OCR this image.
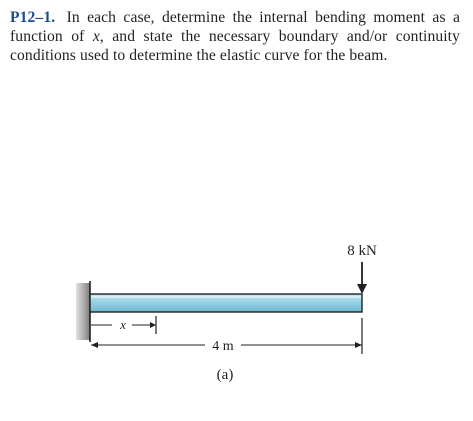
P12–1. In each case, determine the internal bending moment as a function of x, and state the necessary boundary and/or continuity conditions used to determine the elastic curve for the beam.
8 kN
x
4 m
(a)
